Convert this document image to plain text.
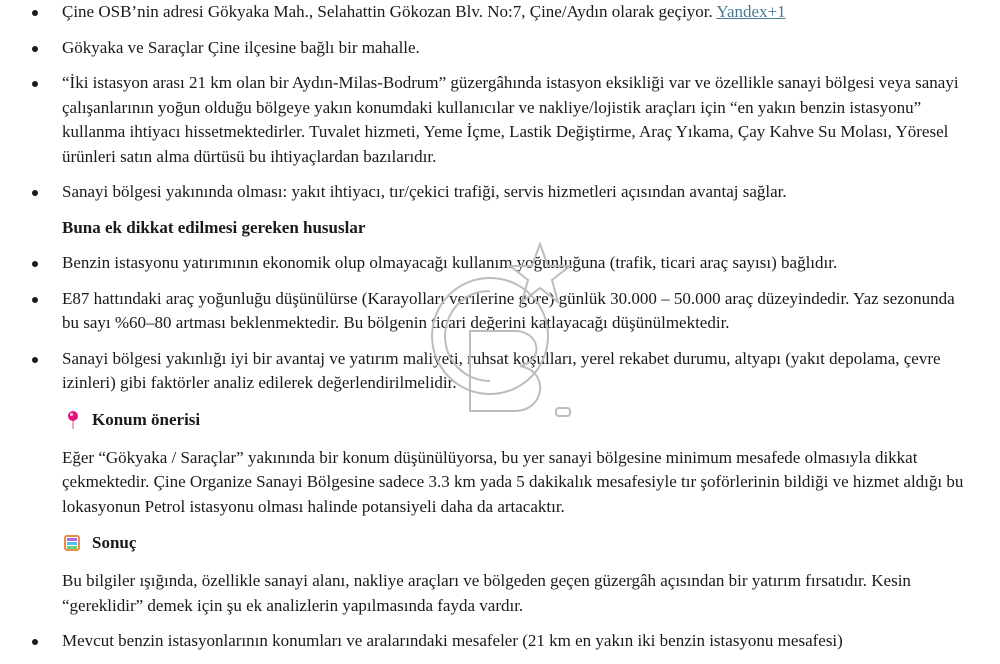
Çine OSB’nin adresi Gökyaka Mah., Selahattin Gökozan Blv. No:7, Çine/Aydın olarak geçiyor. Yandex+1
Gökyaka ve Saraçlar Çine ilçesine bağlı bir mahalle.
“İki istasyon arası 21 km olan bir Aydın-Milas-Bodrum” güzergâhında istasyon eksikliği var ve özellikle sanayi bölgesi veya sanayi çalışanlarının yoğun olduğu bölgeye yakın konumdaki kullanıcılar ve nakliye/lojistik araçları için “en yakın benzin istasyonu” kullanma ihtiyacı hissetmektedirler. Tuvalet hizmeti, Yeme İçme, Lastik Değiştirme, Araç Yıkama, Çay Kahve Su Molası, Yöresel ürünleri satın alma dürtüsü bu ihtiyaçlardan bazılarıdır.
Sanayi bölgesi yakınında olması: yakıt ihtiyacı, tır/çekici trafiği, servis hizmetleri açısından avantaj sağlar.
Buna ek dikkat edilmesi gereken hususlar
Benzin istasyonu yatırımının ekonomik olup olmayacağı kullanım yoğunluğuna (trafik, ticari araç sayısı) bağlıdır.
E87 hattındaki araç yoğunluğu düşünülürse (Karayolları verilerine göre) günlük 30.000 – 50.000 araç düzeyindedir. Yaz sezonunda bu sayı %60–80 artması beklenmektedir. Bu bölgenin ticari değerini katlayacağı düşünülmektedir.
Sanayi bölgesi yakınlığı iyi bir avantaj ve yatırım maliyeti, ruhsat koşulları, yerel rekabet durumu, altyapı (yakıt depolama, çevre izinleri) gibi faktörler analiz edilerek değerlendirilmelidir.
Konum önerisi
Eğer “Gökyaka / Saraçlar” yakınında bir konum düşünülüyorsa, bu yer sanayi bölgesine minimum mesafede olmasıyla dikkat çekmektedir. Çine Organize Sanayi Bölgesine sadece 3.3 km yada 5 dakikalık mesafesiyle tır şoförlerinin bildiği ve hizmet aldığı bu lokasyonun Petrol istasyonu olması halinde potansiyeli daha da artacaktır.
Sonuç
Bu bilgiler ışığında, özellikle sanayi alanı, nakliye araçları ve bölgeden geçen güzergâh açısından bir yatırım fırsatıdır. Kesin “gereklidir” demek için şu ek analizlerin yapılmasında fayda vardır.
Mevcut benzin istasyonlarının konumları ve aralarındaki mesafeler (21 km en yakın iki benzin istasyonu mesafesi)
